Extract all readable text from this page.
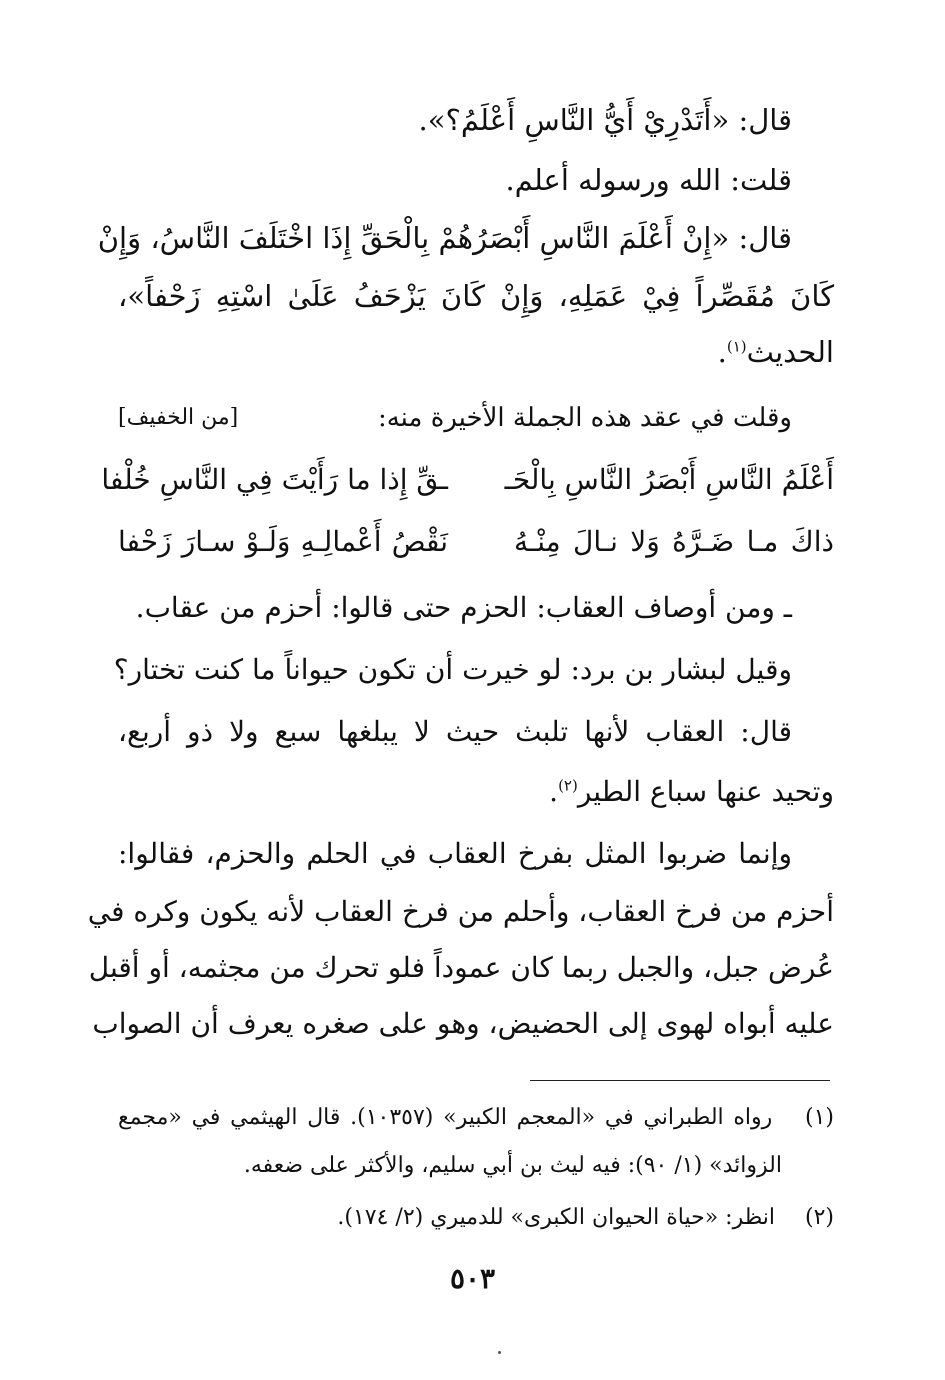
قال: «أَتَدْرِيْ أَيُّ النَّاسِ أَعْلَمُ؟».
قلت: الله ورسوله أعلم.
قال: «إِنْ أَعْلَمَ النَّاسِ أَبْصَرُهُمْ بِالْحَقِّ إِذَا اخْتَلَفَ النَّاسُ، وَإِنْ
كَانَ مُقَصِّراً فِيْ عَمَلِهِ، وَإِنْ كَانَ يَزْحَفُ عَلَىٰ اسْتِهِ زَحْفاً»،
الحديث$^{(١)}$.
وقلت في عقد هذه الجملة الأخيرة منه:
[من الخفيف]
أَعْلَمُ النَّاسِ أَبْصَرُ النَّاسِ بِالْحَـ
ـقِّ إِذا ما رَأَيْتَ فِي النَّاسِ خُلْفا
ذاكَ مـا ضَـرَّهُ وَلا نـالَ مِنْـهُ
نَقْصُ أَعْمالِـهِ وَلَـوْ سـارَ زَحْفا
ـ ومن أوصاف العقاب: الحزم حتى قالوا: أحزم من عقاب.
وقيل لبشار بن برد: لو خيرت أن تكون حيواناً ما كنت تختار؟
قال: العقاب لأنها تلبث حيث لا يبلغها سبع ولا ذو أربع،
وتحيد عنها سباع الطير$^{(٢)}$.
وإنما ضربوا المثل بفرخ العقاب في الحلم والحزم، فقالوا:
أحزم من فرخ العقاب، وأحلم من فرخ العقاب لأنه يكون وكره في
عُرض جبل، والجبل ربما كان عموداً فلو تحرك من مجثمه، أو أقبل
عليه أبواه لهوى إلى الحضيض، وهو على صغره يعرف أن الصواب
(١) رواه الطبراني في «المعجم الكبير» (١٠٣٥٧). قال الهيثمي في «مجمع
الزوائد» (١/ ٩٠): فيه ليث بن أبي سليم، والأكثر على ضعفه.
(٢) انظر: «حياة الحيوان الكبرى» للدميري (٢/ ١٧٤).
٥٠٣
